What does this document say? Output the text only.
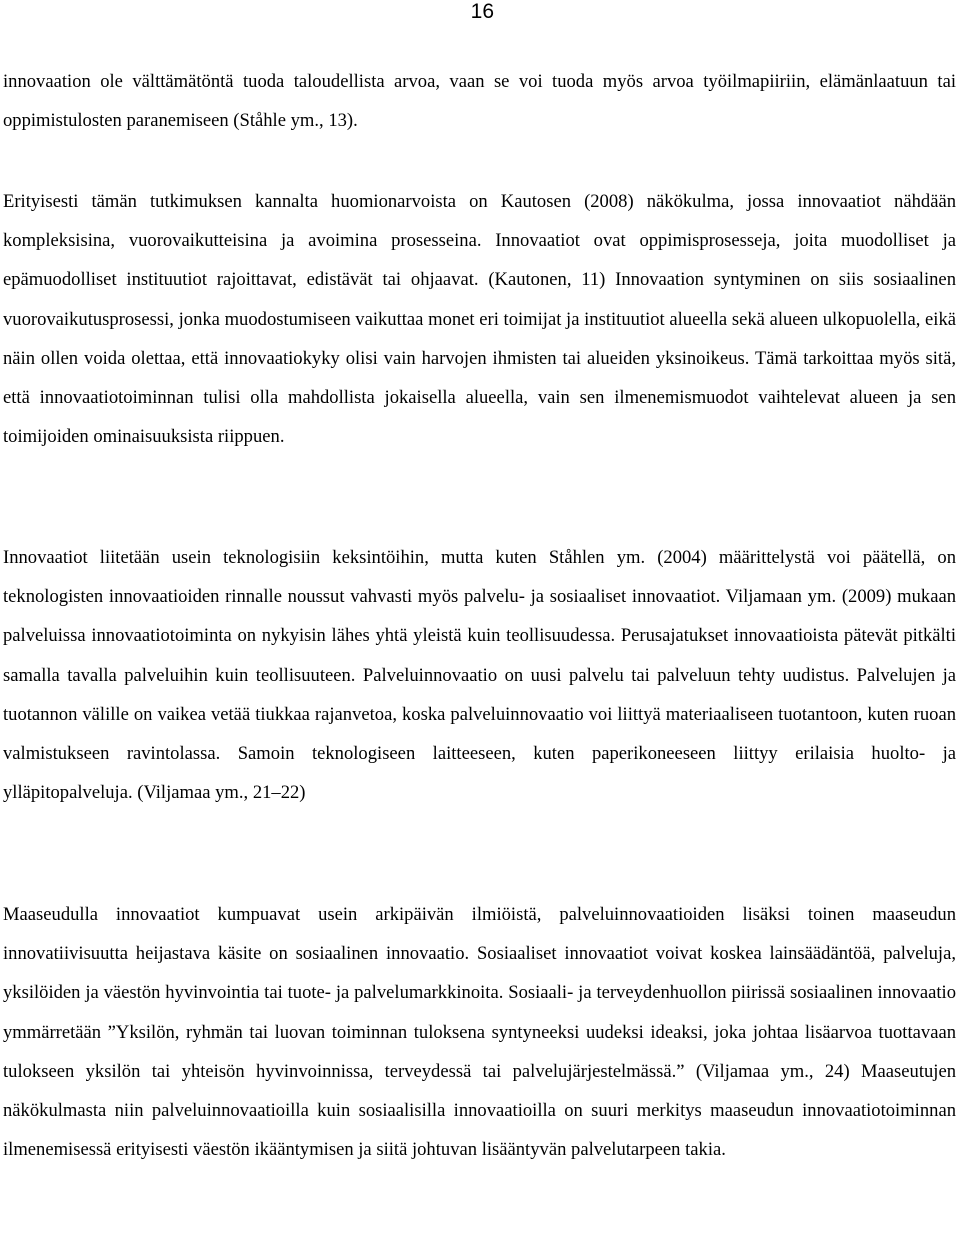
16

innovaation ole välttämätöntä tuoda taloudellista arvoa, vaan se voi tuoda myös arvoa työilmapiiriin, elämänlaatuun tai oppimistulosten paranemiseen (Ståhle ym., 13).

Erityisesti tämän tutkimuksen kannalta huomionarvoista on Kautosen (2008) näkökulma, jossa innovaatiot nähdään kompleksisina, vuorovaikutteisina ja avoimina prosesseina. Innovaatiot ovat oppimisprosesseja, joita muodolliset ja epämuodolliset instituutiot rajoittavat, edistävät tai ohjaavat. (Kautonen, 11) Innovaation syntyminen on siis sosiaalinen vuorovaikutusprosessi, jonka muodostumiseen vaikuttaa monet eri toimijat ja instituutiot alueella sekä alueen ulkopuolella, eikä näin ollen voida olettaa, että innovaatiokyky olisi vain harvojen ihmisten tai alueiden yksinoikeus. Tämä tarkoittaa myös sitä, että innovaatiotoiminnan tulisi olla mahdollista jokaisella alueella, vain sen ilmenemismuodot vaihtelevat alueen ja sen toimijoiden ominaisuuksista riippuen.

Innovaatiot liitetään usein teknologisiin keksintöihin, mutta kuten Ståhlen ym. (2004) määrittelystä voi päätellä, on teknologisten innovaatioiden rinnalle noussut vahvasti myös palvelu- ja sosiaaliset innovaatiot. Viljamaan ym. (2009) mukaan palveluissa innovaatiotoiminta on nykyisin lähes yhtä yleistä kuin teollisuudessa. Perusajatukset innovaatioista pätevät pitkälti samalla tavalla palveluihin kuin teollisuuteen. Palveluinnovaatio on uusi palvelu tai palveluun tehty uudistus. Palvelujen ja tuotannon välille on vaikea vetää tiukkaa rajanvetoa, koska palveluinnovaatio voi liittyä materiaaliseen tuotantoon, kuten ruoan valmistukseen ravintolassa. Samoin teknologiseen laitteeseen, kuten paperikoneeseen liittyy erilaisia huolto- ja ylläpitopalveluja. (Viljamaa ym., 21–22)

Maaseudulla innovaatiot kumpuavat usein arkipäivän ilmiöistä, palveluinnovaatioiden lisäksi toinen maaseudun innovatiivisuutta heijastava käsite on sosiaalinen innovaatio. Sosiaaliset innovaatiot voivat koskea lainsäädäntöä, palveluja, yksilöiden ja väestön hyvinvointia tai tuote- ja palvelumarkkinoita. Sosiaali- ja terveydenhuollon piirissä sosiaalinen innovaatio ymmärretään ”Yksilön, ryhmän tai luovan toiminnan tuloksena syntyneeksi uudeksi ideaksi, joka johtaa lisäarvoa tuottavaan tulokseen yksilön tai yhteisön hyvinvoinnissa, terveydessä tai palvelujärjestelmässä.” (Viljamaa ym., 24) Maaseutujen näkökulmasta niin palveluinnovaatioilla kuin sosiaalisilla innovaatioilla on suuri merkitys maaseudun innovaatiotoiminnan ilmenemisessä erityisesti väestön ikääntymisen ja siitä johtuvan lisääntyvän palvelutarpeen takia.
